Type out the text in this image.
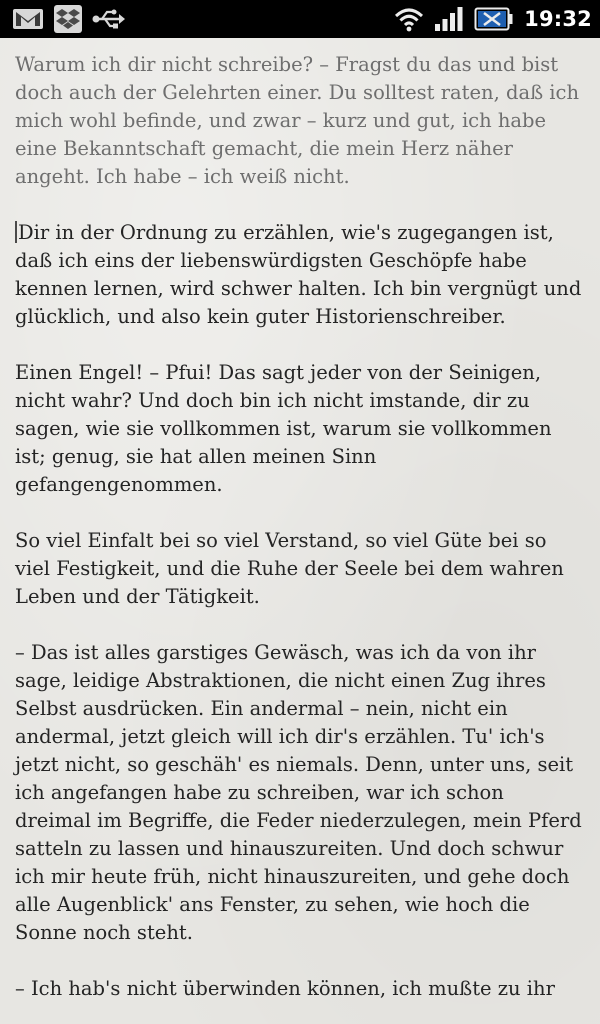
19:32

Warum ich dir nicht schreibe? – Fragst du das und bist doch auch der Gelehrten einer. Du solltest raten, daß ich mich wohl befinde, und zwar – kurz und gut, ich habe eine Bekanntschaft gemacht, die mein Herz näher angeht. Ich habe – ich weiß nicht.

Dir in der Ordnung zu erzählen, wie's zugegangen ist, daß ich eins der liebenswürdigsten Geschöpfe habe kennen lernen, wird schwer halten. Ich bin vergnügt und glücklich, und also kein guter Historienschreiber.

Einen Engel! – Pfui! Das sagt jeder von der Seinigen, nicht wahr? Und doch bin ich nicht imstande, dir zu sagen, wie sie vollkommen ist, warum sie vollkommen ist; genug, sie hat allen meinen Sinn gefangengenommen.

So viel Einfalt bei so viel Verstand, so viel Güte bei so viel Festigkeit, und die Ruhe der Seele bei dem wahren Leben und der Tätigkeit.

– Das ist alles garstiges Gewäsch, was ich da von ihr sage, leidige Abstraktionen, die nicht einen Zug ihres Selbst ausdrücken. Ein andermal – nein, nicht ein andermal, jetzt gleich will ich dir's erzählen. Tu' ich's jetzt nicht, so geschäh' es niemals. Denn, unter uns, seit ich angefangen habe zu schreiben, war ich schon dreimal im Begriffe, die Feder niederzulegen, mein Pferd satteln zu lassen und hinauszureiten. Und doch schwur ich mir heute früh, nicht hinauszureiten, und gehe doch alle Augenblick' ans Fenster, zu sehen, wie hoch die Sonne noch steht.

– Ich hab's nicht überwinden können, ich mußte zu ihr
